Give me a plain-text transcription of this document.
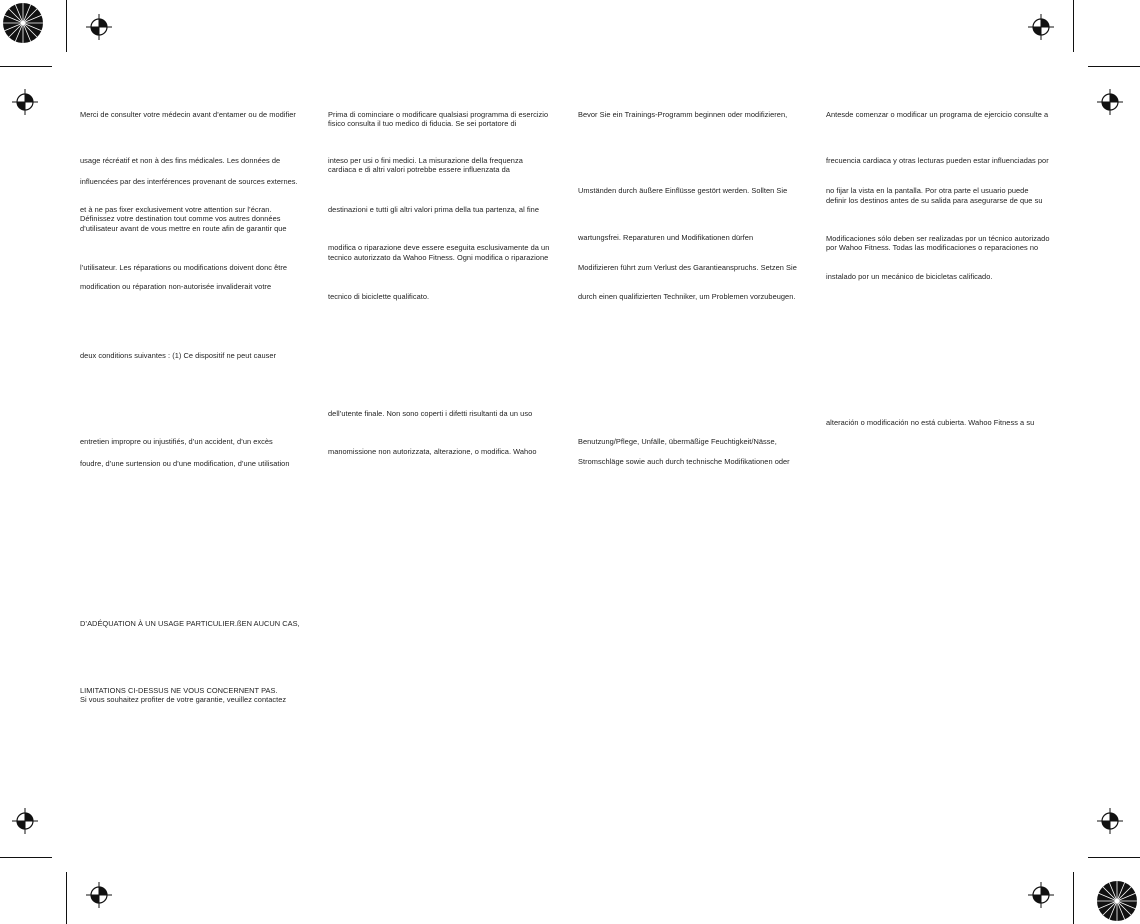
Merci de consulter votre médecin avant d’entamer ou de modifier
usage récréatif et non à des fins médicales. Les données de
influencées par des interférences provenant de sources externes.
et à ne pas fixer exclusivement votre attention sur l’écran.
Définissez votre destination tout comme vos autres données
d’utilisateur avant de vous mettre en route afin de garantir que
l’utilisateur. Les réparations ou modifications doivent donc être
modification ou réparation non-autorisée invaliderait votre
deux conditions suivantes : (1) Ce dispositif ne peut causer
entretien impropre ou injustifiés, d’un accident, d’un excès
foudre, d’une surtension ou d’une modification, d’une utilisation
D’ADÉQUATION À UN USAGE PARTICULIER.ßEN AUCUN CAS,
LIMITATIONS CI-DESSUS NE VOUS CONCERNENT PAS.
Si vous souhaitez profiter de votre garantie, veuillez contactez
Prima di cominciare o modificare qualsiasi programma di esercizio
fisico consulta il tuo medico di fiducia. Se sei portatore di
inteso per usi o fini medici. La misurazione della frequenza
cardiaca e di altri valori potrebbe essere influenzata da
destinazioni e tutti gli altri valori prima della tua partenza, al fine
modifica o riparazione deve essere eseguita esclusivamente da un
tecnico autorizzato da Wahoo Fitness. Ogni modifica o riparazione
tecnico di biciclette qualificato.
dell’utente finale. Non sono coperti i difetti risultanti da un uso
manomissione non autorizzata, alterazione, o modifica. Wahoo
Bevor Sie ein Trainings-Programm beginnen oder modifizieren,
Umständen durch äußere Einflüsse gestört werden. Sollten Sie
wartungsfrei. Reparaturen und Modifikationen dürfen
Modifizieren führt zum Verlust des Garantieanspruchs. Setzen Sie
durch einen qualifizierten Techniker, um Problemen vorzubeugen.
Benutzung/Pflege, Unfälle, übermäßige Feuchtigkeit/Nässe,
Stromschläge sowie auch durch technische Modifikationen oder
Antesde comenzar o modificar un programa de ejercicio consulte a
frecuencia cardiaca y otras lecturas pueden estar influenciadas por
no fijar la vista en la pantalla. Por otra parte el usuario puede
definir los destinos antes de su salida para asegurarse de que su
Modificaciones sólo deben ser realizadas por un técnico autorizado
por Wahoo Fitness. Todas las modificaciones o reparaciones no
instalado por un mecánico de bicicletas calificado.
alteración o modificación no está cubierta. Wahoo Fitness a su
